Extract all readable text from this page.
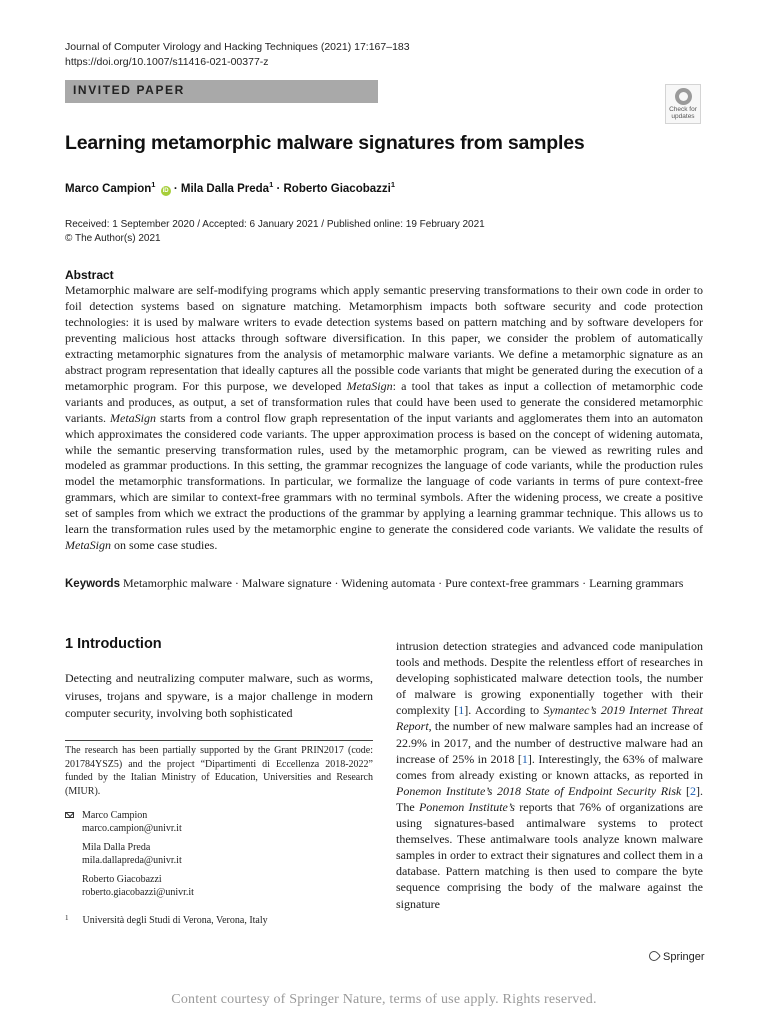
Journal of Computer Virology and Hacking Techniques (2021) 17:167–183
https://doi.org/10.1007/s11416-021-00377-z
INVITED PAPER
Check for
updates
Learning metamorphic malware signatures from samples
Marco Campion$^1$ iD · Mila Dalla Preda$^1$ · Roberto Giacobazzi$^1$
Received: 1 September 2020 / Accepted: 6 January 2021 / Published online: 19 February 2021
© The Author(s) 2021
Abstract
Metamorphic malware are self-modifying programs which apply semantic preserving transformations to their own code in order to foil detection systems based on signature matching. Metamorphism impacts both software security and code protection technologies: it is used by malware writers to evade detection systems based on pattern matching and by software developers for preventing malicious host attacks through software diversification. In this paper, we consider the problem of automatically extracting metamorphic signatures from the analysis of metamorphic malware variants. We define a metamorphic signature as an abstract program representation that ideally captures all the possible code variants that might be generated during the execution of a metamorphic program. For this purpose, we developed MetaSign: a tool that takes as input a collection of metamorphic code variants and produces, as output, a set of transformation rules that could have been used to generate the considered metamorphic variants. MetaSign starts from a control flow graph representation of the input variants and agglomerates them into an automaton which approximates the considered code variants. The upper approximation process is based on the concept of widening automata, while the semantic preserving transformation rules, used by the metamorphic program, can be viewed as rewriting rules and modeled as grammar productions. In this setting, the grammar recognizes the language of code variants, while the production rules model the metamorphic transformations. In particular, we formalize the language of code variants in terms of pure context-free grammars, which are similar to context-free grammars with no terminal symbols. After the widening process, we create a positive set of samples from which we extract the productions of the grammar by applying a learning grammar technique. This allows us to learn the transformation rules used by the metamorphic engine to generate the considered code variants. We validate the results of MetaSign on some case studies.
Keywords Metamorphic malware · Malware signature · Widening automata · Pure context-free grammars · Learning grammars
1 Introduction
Detecting and neutralizing computer malware, such as worms, viruses, trojans and spyware, is a major challenge in modern computer security, involving both sophisticated
The research has been partially supported by the Grant PRIN2017 (code: 201784YSZ5) and the project “Dipartimenti di Eccellenza 2018-2022” funded by the Italian Ministry of Education, Universities and Research (MIUR).
Marco Campion
marco.campion@univr.it
Mila Dalla Preda
mila.dallapreda@univr.it
Roberto Giacobazzi
roberto.giacobazzi@univr.it
$^1$ Università degli Studi di Verona, Verona, Italy
intrusion detection strategies and advanced code manipulation tools and methods. Despite the relentless effort of researches in developing sophisticated malware detection tools, the number of malware is growing exponentially together with their complexity [1]. According to Symantec’s 2019 Internet Threat Report, the number of new malware samples had an increase of 22.9% in 2017, and the number of destructive malware had an increase of 25% in 2018 [1]. Interestingly, the 63% of malware comes from already existing or known attacks, as reported in Ponemon Institute’s 2018 State of Endpoint Security Risk [2]. The Ponemon Institute’s reports that 76% of organizations are using signatures-based antimalware systems to protect themselves. These antimalware tools analyze known malware samples in order to extract their signatures and collect them in a database. Pattern matching is then used to compare the byte sequence comprising the body of the malware against the signature
Springer
Content courtesy of Springer Nature, terms of use apply. Rights reserved.
